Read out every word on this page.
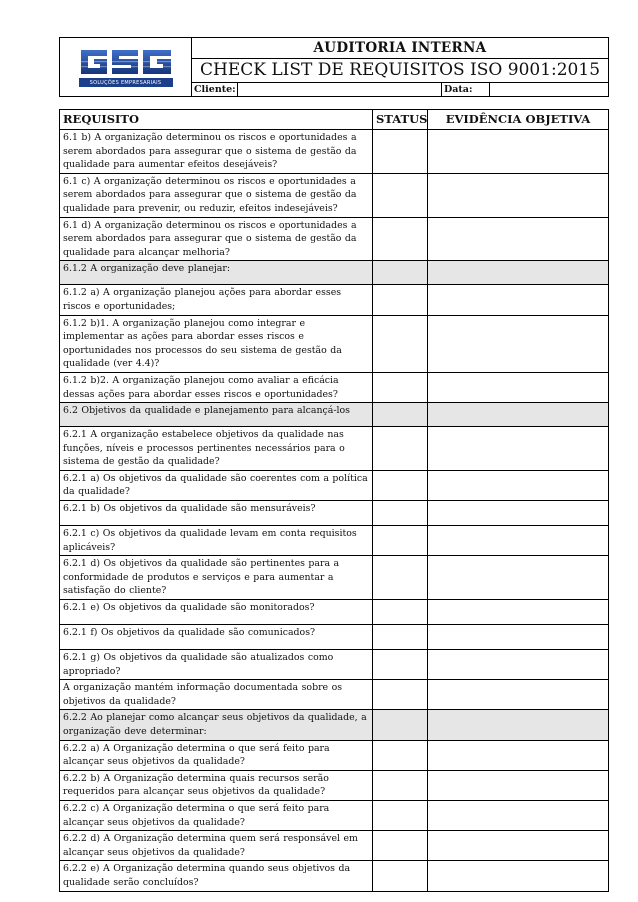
SOLUÇÕES EMPRESARIAIS
AUDITORIA INTERNA
CHECK LIST DE REQUISITOS ISO 9001:2015
Cliente:	Data:
REQUISITO	STATUS	EVIDÊNCIA OBJETIVA
6.1 b) A organização determinou os riscos e oportunidades a serem abordados para assegurar que o sistema de gestão da qualidade para aumentar efeitos desejáveis?		
6.1 c) A organização determinou os riscos e oportunidades a serem abordados para assegurar que o sistema de gestão da qualidade para prevenir, ou reduzir, efeitos indesejáveis?		
6.1 d) A organização determinou os riscos e oportunidades a serem abordados para assegurar que o sistema de gestão da qualidade para alcançar melhoria?		
6.1.2 A organização deve planejar:		
6.1.2 a) A organização planejou ações para abordar esses riscos e oportunidades;		
6.1.2 b)1. A organização planejou como integrar e implementar as ações para abordar esses riscos e oportunidades nos processos do seu sistema de gestão da qualidade (ver 4.4)?		
6.1.2 b)2. A organização planejou como avaliar a eficácia dessas ações para abordar esses riscos e oportunidades?		
6.2 Objetivos da qualidade e planejamento para alcançá-los		
6.2.1 A organização estabelece objetivos da qualidade nas funções, níveis e processos pertinentes necessários para o sistema de gestão da qualidade?		
6.2.1 a) Os objetivos da qualidade são coerentes com a política da qualidade?		
6.2.1 b) Os objetivos da qualidade são mensuráveis?		
6.2.1 c) Os objetivos da qualidade levam em conta requisitos aplicáveis?		
6.2.1 d) Os objetivos da qualidade são pertinentes para a conformidade de produtos e serviços e para aumentar a satisfação do cliente?		
6.2.1 e) Os objetivos da qualidade são monitorados?		
6.2.1 f) Os objetivos da qualidade são comunicados?		
6.2.1 g) Os objetivos da qualidade são atualizados como apropriado?		
A organização mantém informação documentada sobre os objetivos da qualidade?		
6.2.2 Ao planejar como alcançar seus objetivos da qualidade, a organização deve determinar:		
6.2.2 a) A Organização determina o que será feito para alcançar seus objetivos da qualidade?		
6.2.2 b) A Organização determina quais recursos serão requeridos para alcançar seus objetivos da qualidade?		
6.2.2 c) A Organização determina o que será feito para alcançar seus objetivos da qualidade?		
6.2.2 d) A Organização determina quem será responsável em alcançar seus objetivos da qualidade?		
6.2.2 e) A Organização determina quando seus objetivos da qualidade serão concluídos?		
